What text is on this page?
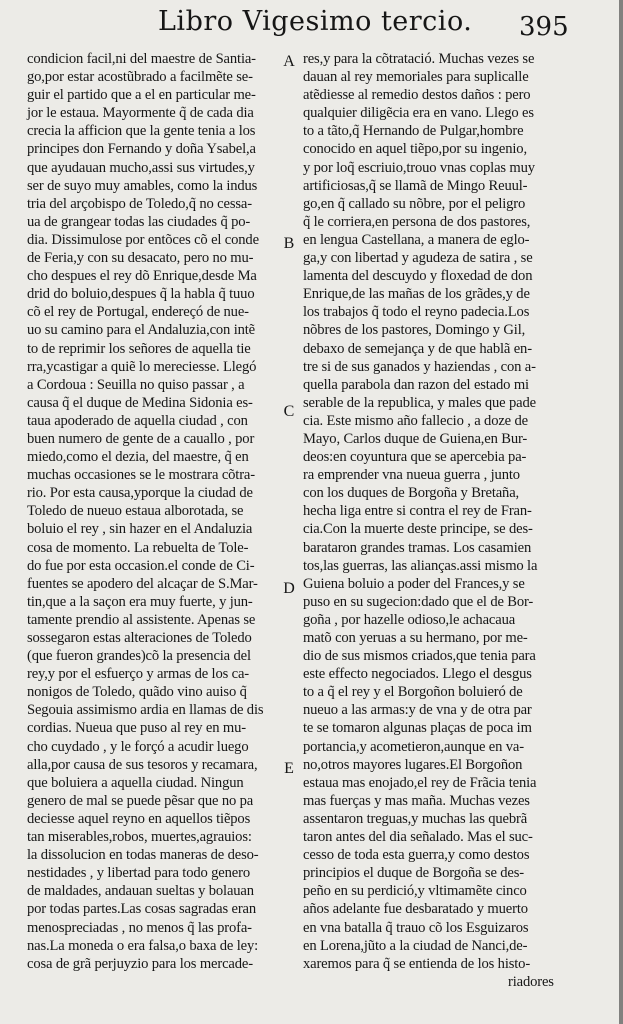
Libro Vigesimo tercio. 395
condicion facil,ni del maestre de Santia-
go,por estar acostũbrado a facilmẽte se-
guir el partido que a el en particular me-
jor le estaua. Mayormente q̃ de cada dia
crecia la afficion que la gente tenia a los
principes don Fernando y doña Ysabel,a
que ayudauan mucho,assi sus virtudes,y
ser de suyo muy amables, como la indus
tria del arçobispo de Toledo,q̃ no cessa-
ua de grangear todas las ciudades q̃ po-
dia. Dissimulose por entõces cõ el conde
de Feria,y con su desacato, pero no mu-
cho despues el rey dõ Enrique,desde Ma
drid do boluio,despues q̃ la habla q̃ tuuo
cõ el rey de Portugal, endereçó de nue-
uo su camino para el Andaluzia,con intẽ
to de reprimir los señores de aquella tie
rra,ycastigar a quiẽ lo mereciesse. Llegó
a Cordoua : Seuilla no quiso passar , a
causa q̃ el duque de Medina Sidonia es-
taua apoderado de aquella ciudad , con
buen numero de gente de a cauallo , por
miedo,como el dezia, del maestre, q̃ en
muchas occasiones se le mostrara cõtra-
rio. Por esta causa,yporque la ciudad de
Toledo de nueuo estaua alborotada, se
boluio el rey , sin hazer en el Andaluzia
cosa de momento. La rebuelta de Tole-
do fue por esta occasion.el conde de Ci-
fuentes se apodero del alcaçar de S.Mar-
tin,que a la saçon era muy fuerte, y jun-
tamente prendio al assistente. Apenas se
sossegaron estas alteraciones de Toledo
(que fueron grandes)cõ la presencia del
rey,y por el esfuerço y armas de los ca-
nonigos de Toledo, quãdo vino auiso q̃
Segouia assimismo ardia en llamas de dis
cordias. Nueua que puso al rey en mu-
cho cuydado , y le forçó a acudir luego
alla,por causa de sus tesoros y recamara,
que boluiera a aquella ciudad. Ningun
genero de mal se puede pẽsar que no pa
deciesse aquel reyno en aquellos tiẽpos
tan miserables,robos, muertes,agrauios:
la dissolucion en todas maneras de deso-
nestidades , y libertad para todo genero
de maldades, andauan sueltas y bolauan
por todas partes.Las cosas sagradas eran
menospreciadas , no menos q̃ las profa-
nas.La moneda o era falsa,o baxa de ley:
cosa de grã perjuyzio para los mercade-
res,y para la cõtratació. Muchas vezes se
dauan al rey memoriales para suplicalle
atẽdiesse al remedio destos daños : pero
qualquier diligẽcia era en vano. Llego es
to a tãto,q̃ Hernando de Pulgar,hombre
conocido en aquel tiẽpo,por su ingenio,
y por loq̃ escriuio,trouo vnas coplas muy
artificiosas,q̃ se llamã de Mingo Reuul-
go,en q̃ callado su nõbre, por el peligro
q̃ le corriera,en persona de dos pastores,
en lengua Castellana, a manera de eglo-
ga,y con libertad y agudeza de satira , se
lamenta del descuydo y floxedad de don
Enrique,de las mañas de los grãdes,y de
los trabajos q̃ todo el reyno padecia.Los
nõbres de los pastores, Domingo y Gil,
debaxo de semejança y de que hablã en-
tre si de sus ganados y haziendas , con a-
quella parabola dan razon del estado mi
serable de la republica, y males que pade
cia. Este mismo año fallecio , a doze de
Mayo, Carlos duque de Guiena,en Bur-
deos:en coyuntura que se apercebia pa-
ra emprender vna nueua guerra , junto
con los duques de Borgoña y Bretaña,
hecha liga entre si contra el rey de Fran-
cia.Con la muerte deste principe, se des-
barataron grandes tramas. Los casamien
tos,las guerras, las alianças.assi mismo la
Guiena boluio a poder del Frances,y se
puso en su sugecion:dado que el de Bor-
goña , por hazelle odioso,le achacaua
matõ con yeruas a su hermano, por me-
dio de sus mismos criados,que tenia para
este effecto negociados. Llego el desgus
to a q̃ el rey y el Borgoñon boluieró de
nueuo a las armas:y de vna y de otra par
te se tomaron algunas plaças de poca im
portancia,y acometieron,aunque en va-
no,otros mayores lugares.El Borgoñon
estaua mas enojado,el rey de Frãcia tenia
mas fuerças y mas maña. Muchas vezes
assentaron treguas,y muchas las quebrã
taron antes del dia señalado. Mas el suc-
cesso de toda esta guerra,y como destos
principios el duque de Borgoña se des-
peño en su perdició,y vltimamẽte cinco
años adelante fue desbaratado y muerto
en vna batalla q̃ trauo cõ los Esguizaros
en Lorena,jũto a la ciudad de Nanci,de-
xaremos para q̃ se entienda de los histo-
A
B
C
D
E
riadores
